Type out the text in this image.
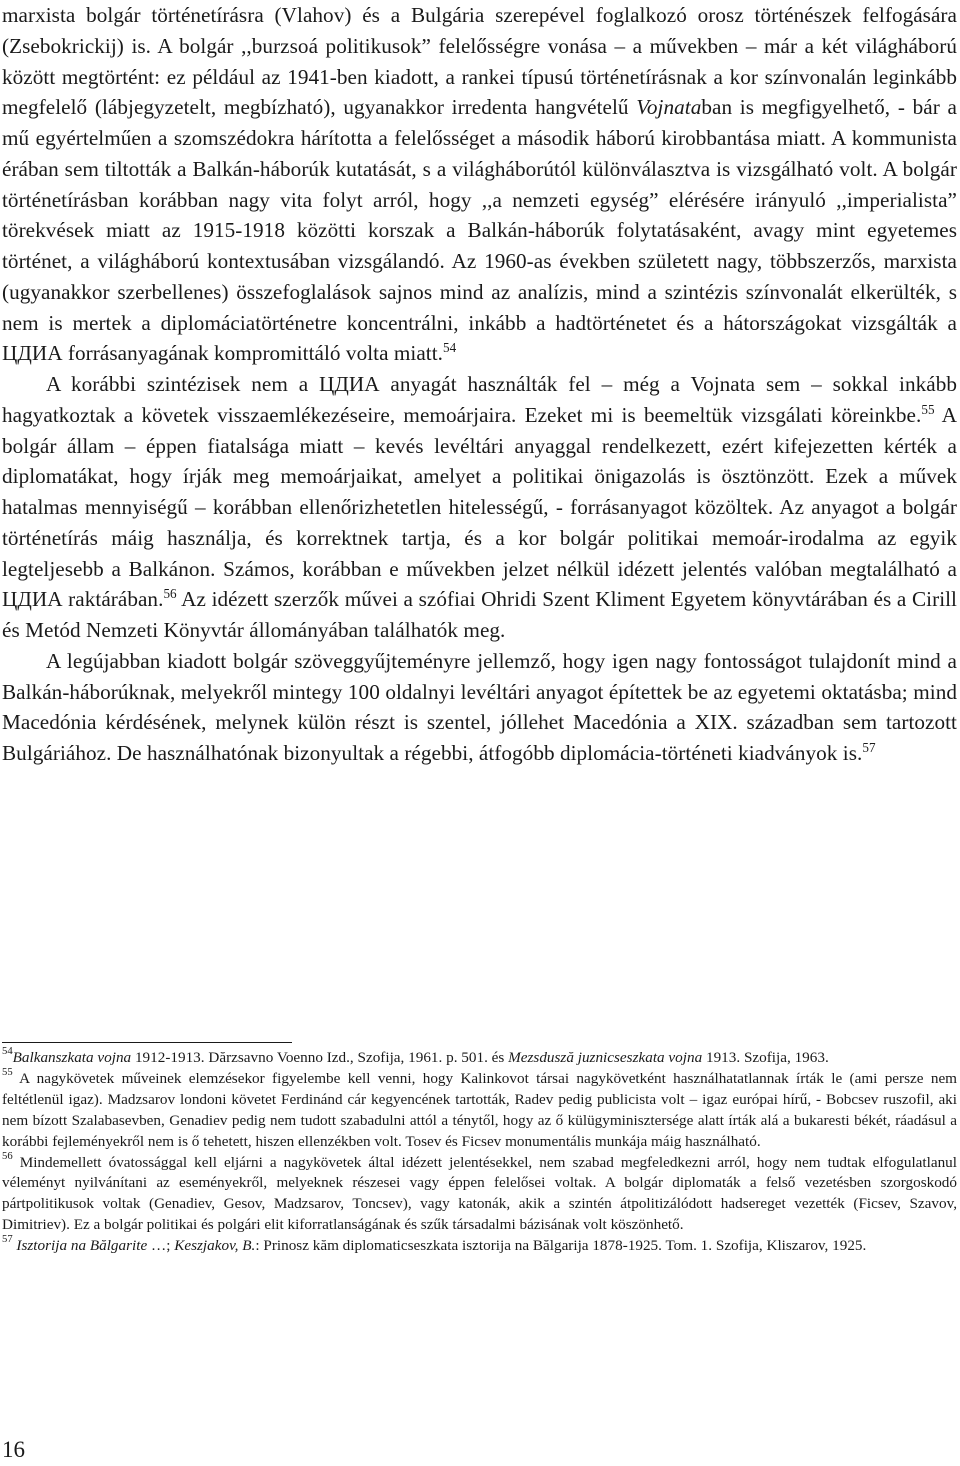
marxista bolgár történetírásra (Vlahov) és a Bulgária szerepével foglalkozó orosz történészek felfogására (Zsebokrickij) is. A bolgár ,,burzsoá politikusok” felelősségre vonása – a művekben – már a két világháború között megtörtént: ez például az 1941-ben kiadott, a rankei típusú történetírásnak a kor színvonalán leginkább megfelelő (lábjegyzetelt, megbízható), ugyanakkor irredenta hangvételű Vojnataban is megfigyelhető, - bár a mű egyértelműen a szomszédokra hárította a felelősséget a második háború kirobbantása miatt. A kommunista érában sem tiltották a Balkán-háborúk kutatását, s a világháborútól különválasztva is vizsgálható volt. A bolgár történetírásban korábban nagy vita folyt arról, hogy ,,a nemzeti egység” elérésére irányuló ,,imperialista” törekvések miatt az 1915-1918 közötti korszak a Balkán-háborúk folytatásaként, avagy mint egyetemes történet, a világháború kontextusában vizsgálandó. Az 1960-as években született nagy, többszerzős, marxista (ugyanakkor szerbellenes) összefoglalások sajnos mind az analízis, mind a szintézis színvonalát elkerülték, s nem is mertek a diplomáciatörténetre koncentrálni, inkább a hadtörténetet és a hátországokat vizsgálták a ЦДИА forrásanyagának kompromittáló volta miatt.$^{54}$

A korábbi szintézisek nem a ЦДИА anyagát használták fel – még a Vojnata sem – sokkal inkább hagyatkoztak a követek visszaemlékezéseire, memoárjaira. Ezeket mi is beemeltük vizsgálati köreinkbe.$^{55}$ A bolgár állam – éppen fiatalsága miatt – kevés levéltári anyaggal rendelkezett, ezért kifejezetten kérték a diplomatákat, hogy írják meg memoárjaikat, amelyet a politikai önigazolás is ösztönzött. Ezek a művek hatalmas mennyiségű – korábban ellenőrizhetetlen hitelességű, - forrásanyagot közöltek. Az anyagot a bolgár történetírás máig használja, és korrektnek tartja, és a kor bolgár politikai memoár-irodalma az egyik legteljesebb a Balkánon. Számos, korábban e művekben jelzet nélkül idézett jelentés valóban megtalálható a ЦДИА raktárában.$^{56}$ Az idézett szerzők művei a szófiai Ohridi Szent Kliment Egyetem könyvtárában és a Cirill és Metód Nemzeti Könyvtár állományában találhatók meg.

A legújabban kiadott bolgár szöveggyűjteményre jellemző, hogy igen nagy fontosságot tulajdonít mind a Balkán-háborúknak, melyekről mintegy 100 oldalnyi levéltári anyagot építettek be az egyetemi oktatásba; mind Macedónia kérdésének, melynek külön részt is szentel, jóllehet Macedónia a XIX. században sem tartozott Bulgáriához. De használhatónak bizonyultak a régebbi, átfogóbb diplomácia-történeti kiadványok is.$^{57}$

$^{54}$Balkanszkata vojna 1912-1913. Dărzsavno Voenno Izd., Szofija, 1961. p. 501. és Mezsdusză juznicseszkata vojna 1913. Szofija, 1963.

$^{55}$ A nagykövetek műveinek elemzésekor figyelembe kell venni, hogy Kalinkovot társai nagykövetként használhatatlannak írták le (ami persze nem feltétlenül igaz). Madzsarov londoni követet Ferdinánd cár kegyencének tartották, Radev pedig publicista volt – igaz európai hírű, - Bobcsev ruszofil, aki nem bízott Szalabasevben, Genadiev pedig nem tudott szabadulni attól a ténytől, hogy az ő külügyminisztersége alatt írták alá a bukaresti békét, ráadásul a korábbi fejleményekről nem is ő tehetett, hiszen ellenzékben volt. Tosev és Ficsev monumentális munkája máig használható.

$^{56}$ Mindemellett óvatossággal kell eljárni a nagykövetek által idézett jelentésekkel, nem szabad megfeledkezni arról, hogy nem tudtak elfogulatlanul véleményt nyilvánítani az eseményekről, melyeknek részesei vagy éppen felelősei voltak. A bolgár diplomaták a felső vezetésben szorgoskodó pártpolitikusok voltak (Genadiev, Gesov, Madzsarov, Toncsev), vagy katonák, akik a szintén átpolitizálódott hadsereget vezették (Ficsev, Szavov, Dimitriev). Ez a bolgár politikai és polgári elit kiforratlanságának és szűk társadalmi bázisának volt köszönhető.

$^{57}$ Isztorija na Bălgarite …; Keszjakov, B.: Prinosz kăm diplomaticseszkata isztorija na Bălgarija 1878-1925. Tom. 1. Szofija, Kliszarov, 1925.

16
